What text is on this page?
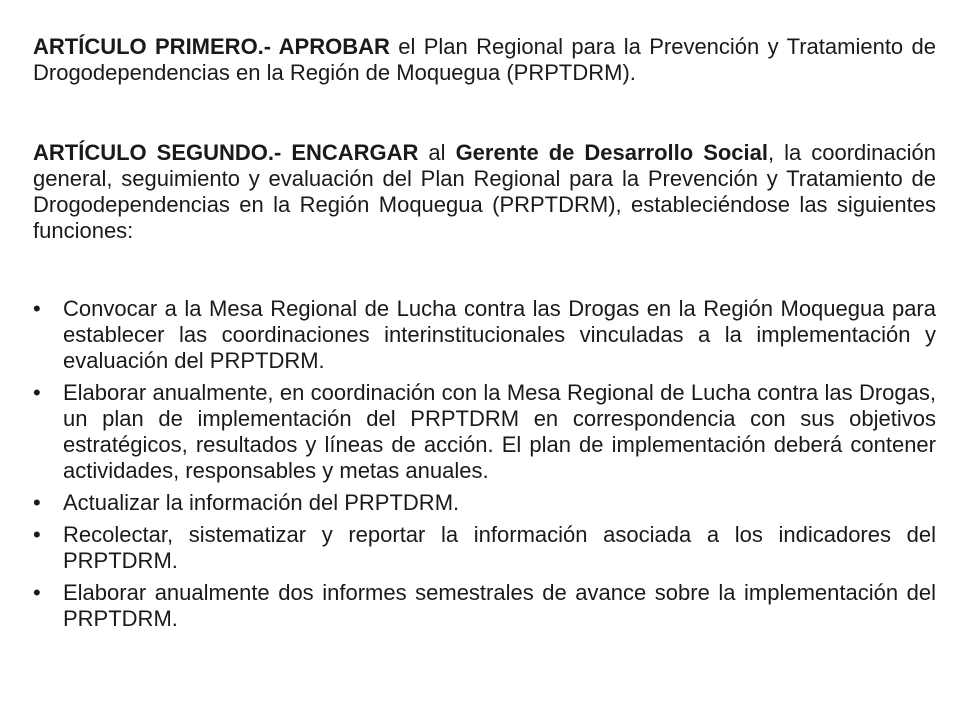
ARTÍCULO PRIMERO.- APROBAR el Plan Regional para la Prevención y Tratamiento de Drogodependencias en la Región de Moquegua (PRPTDRM).

ARTÍCULO SEGUNDO.- ENCARGAR al Gerente de Desarrollo Social, la coordinación general, seguimiento y evaluación del Plan Regional para la Prevención y Tratamiento de Drogodependencias en la Región Moquegua (PRPTDRM), estableciéndose las siguientes funciones:

•	Convocar a la Mesa Regional de Lucha contra las Drogas en la Región Moquegua para establecer las coordinaciones interinstitucionales vinculadas a la implementación y evaluación del PRPTDRM.
•	Elaborar anualmente, en coordinación con la Mesa Regional de Lucha contra las Drogas, un plan de implementación del PRPTDRM en correspondencia con sus objetivos estratégicos, resultados y líneas de acción. El plan de implementación deberá contener actividades, responsables y metas anuales.
•	Actualizar la información del PRPTDRM.
•	Recolectar, sistematizar y reportar la información asociada a los indicadores del PRPTDRM.
•	Elaborar anualmente dos informes semestrales de avance sobre la implementación del PRPTDRM.
